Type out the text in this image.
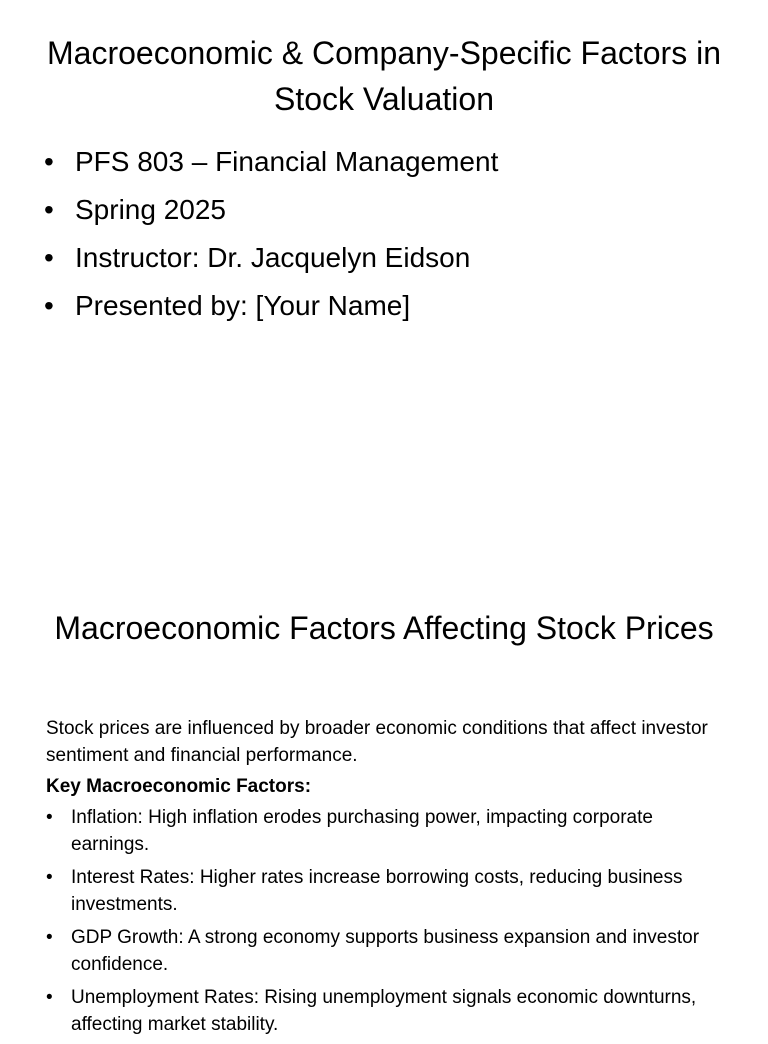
Macroeconomic & Company-Specific Factors in Stock Valuation
• PFS 803 – Financial Management
• Spring 2025
• Instructor: Dr. Jacquelyn Eidson
• Presented by: [Your Name]
Macroeconomic Factors Affecting Stock Prices

Stock prices are influenced by broader economic conditions that affect investor sentiment and financial performance.

Key Macroeconomic Factors:

• Inflation: High inflation erodes purchasing power, impacting corporate earnings.
• Interest Rates: Higher rates increase borrowing costs, reducing business investments.
• GDP Growth: A strong economy supports business expansion and investor confidence.
• Unemployment Rates: Rising unemployment signals economic downturns, affecting market stability.
